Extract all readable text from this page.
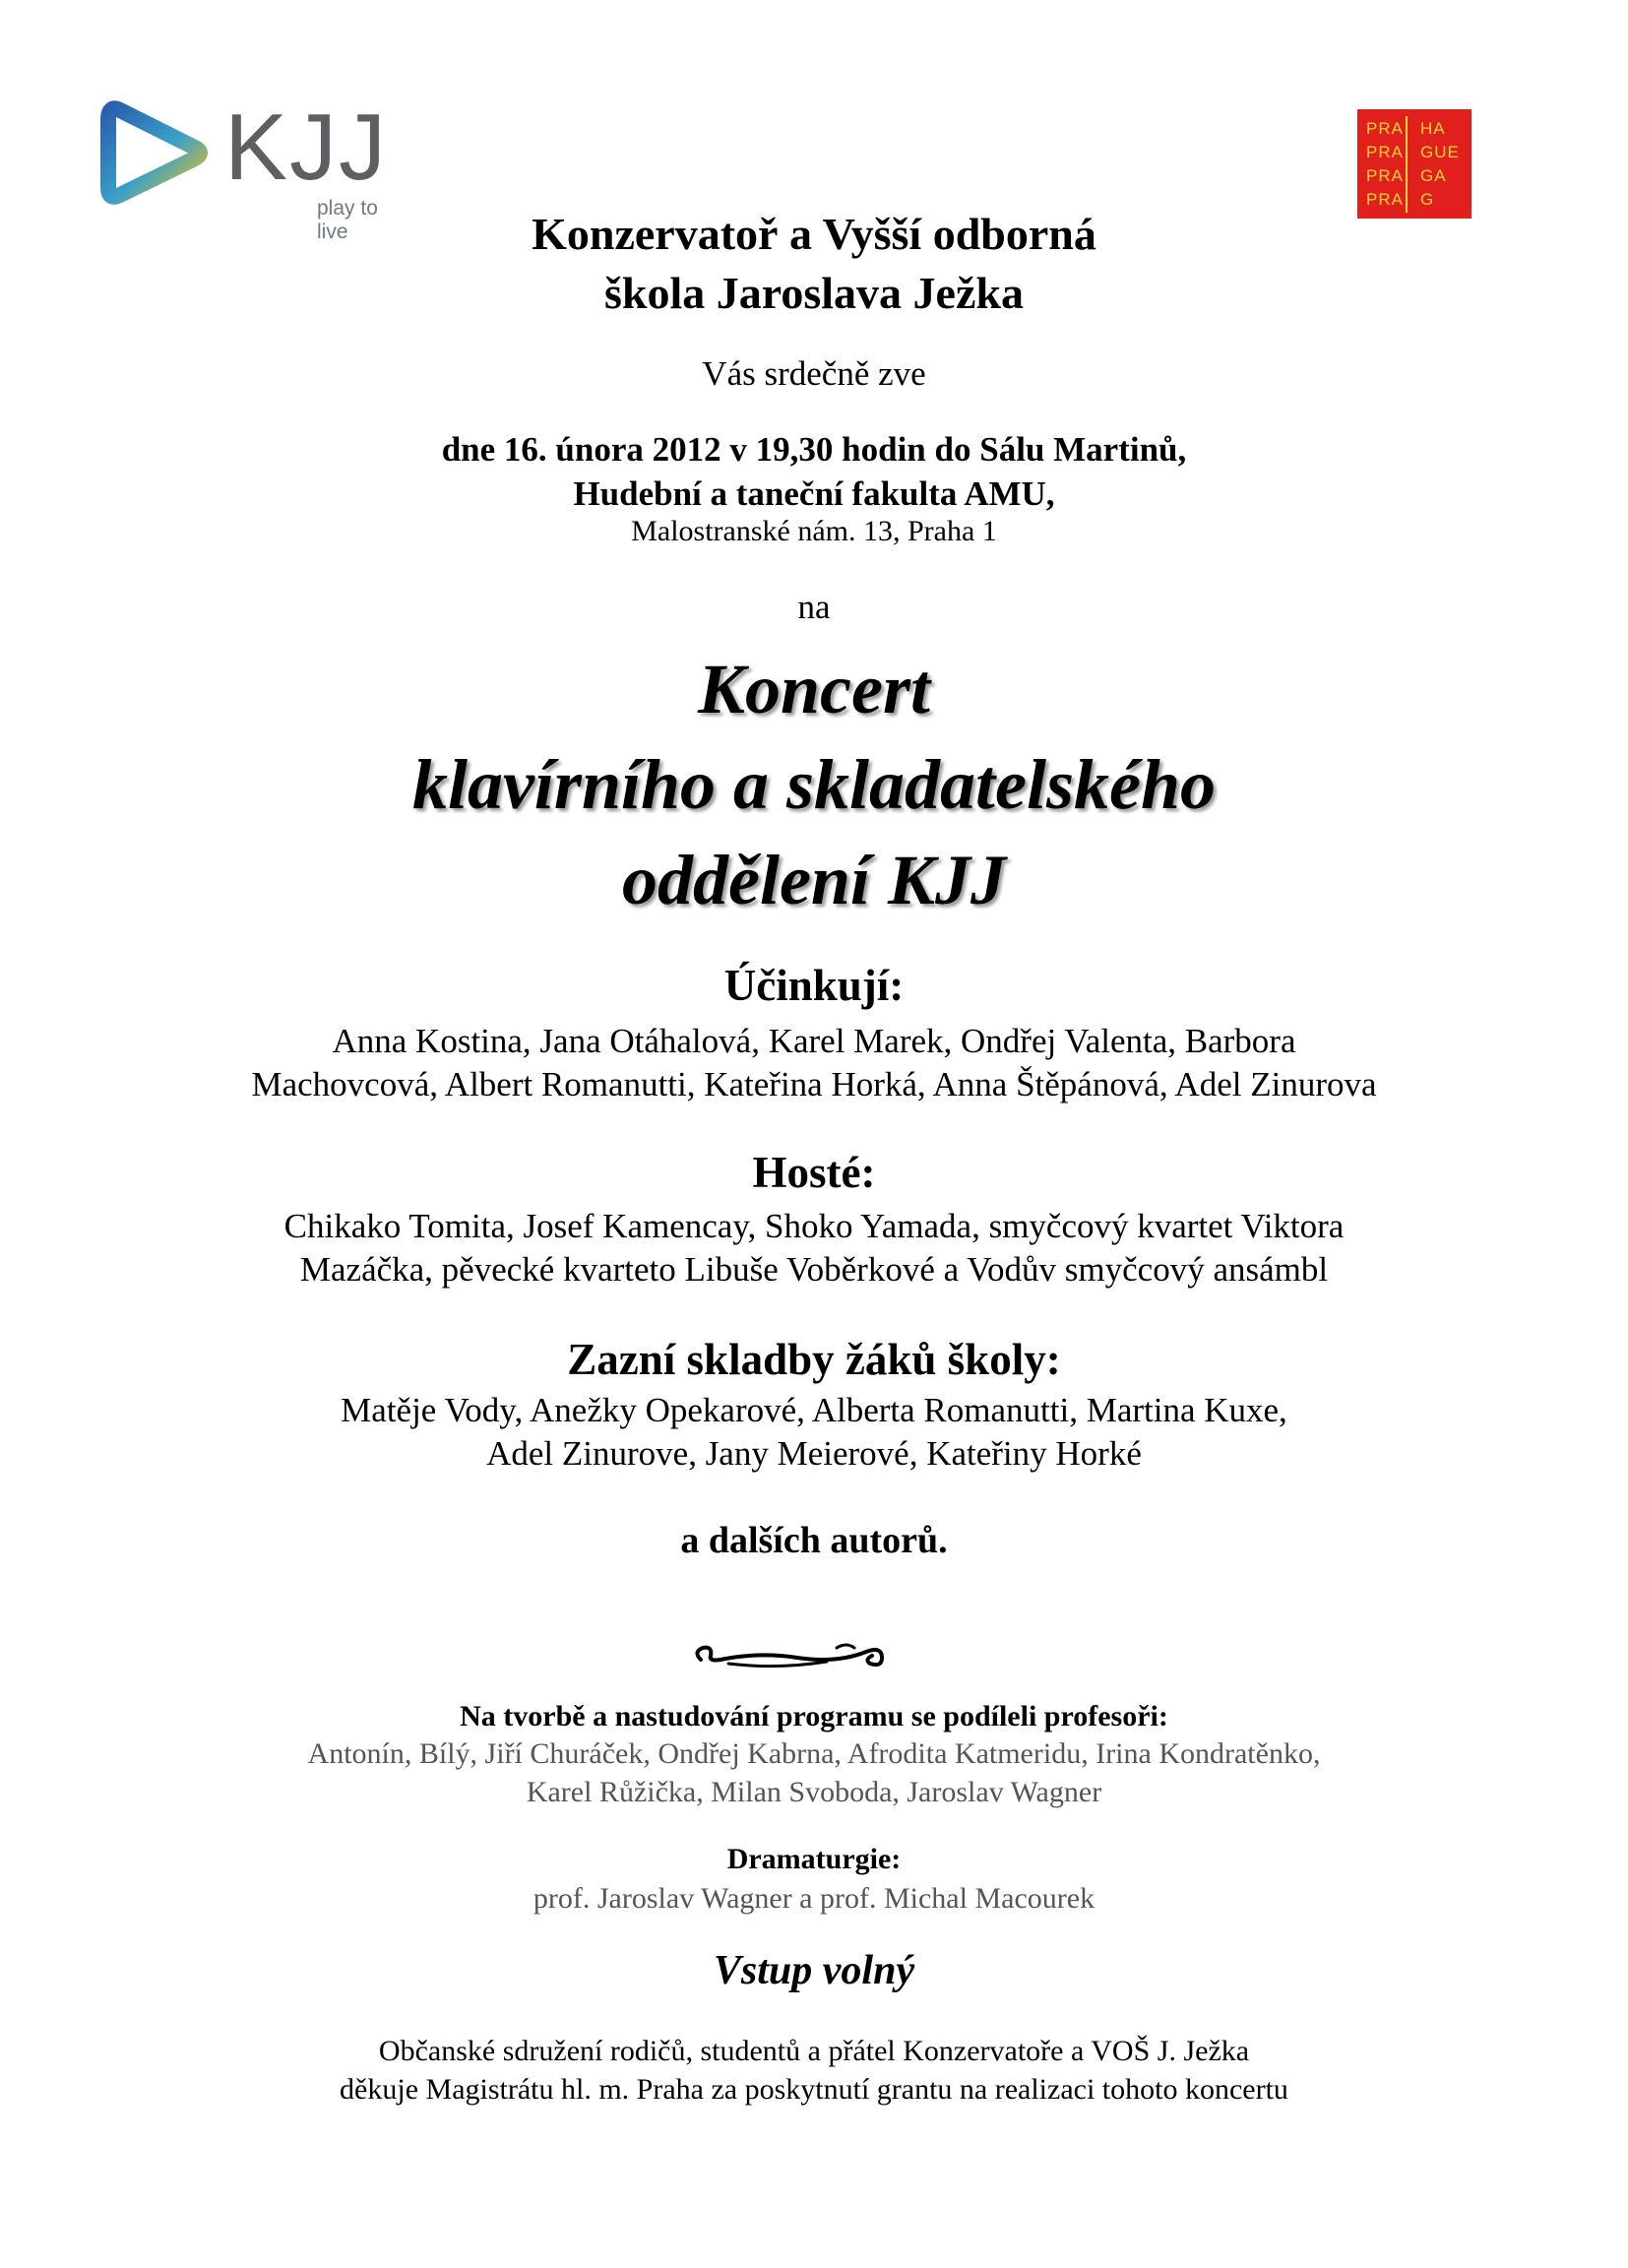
KJJ
play to live
PRA HA
PRA GUE
PRA GA
PRA G
Konzervatoř a Vyšší odborná
škola Jaroslava Ježka
Vás srdečně zve
dne 16. února 2012 v 19,30 hodin do Sálu Martinů,
Hudební a taneční fakulta AMU,
Malostranské nám. 13, Praha 1
na
Koncert
klavírního a skladatelského
oddělení KJJ
Účinkují:
Anna Kostina, Jana Otáhalová, Karel Marek, Ondřej Valenta, Barbora
Machovcová, Albert Romanutti, Kateřina Horká, Anna Štěpánová, Adel Zinurova
Hosté:
Chikako Tomita, Josef Kamencay, Shoko Yamada, smyčcový kvartet Viktora
Mazáčka, pěvecké kvarteto Libuše Voběrkové a Vodův smyčcový ansámbl
Zazní skladby žáků školy:
Matěje Vody, Anežky Opekarové, Alberta Romanutti, Martina Kuxe,
Adel Zinurove, Jany Meierové, Kateřiny Horké
a dalších autorů.
Na tvorbě a nastudování programu se podíleli profesoři:
Antonín, Bílý, Jiří Churáček, Ondřej Kabrna, Afrodita Katmeridu, Irina Kondratěnko,
Karel Růžička, Milan Svoboda, Jaroslav Wagner
Dramaturgie:
prof. Jaroslav Wagner a prof. Michal Macourek
Vstup volný
Občanské sdružení rodičů, studentů a přátel Konzervatoře a VOŠ J. Ježka
děkuje Magistrátu hl. m. Praha za poskytnutí grantu na realizaci tohoto koncertu
